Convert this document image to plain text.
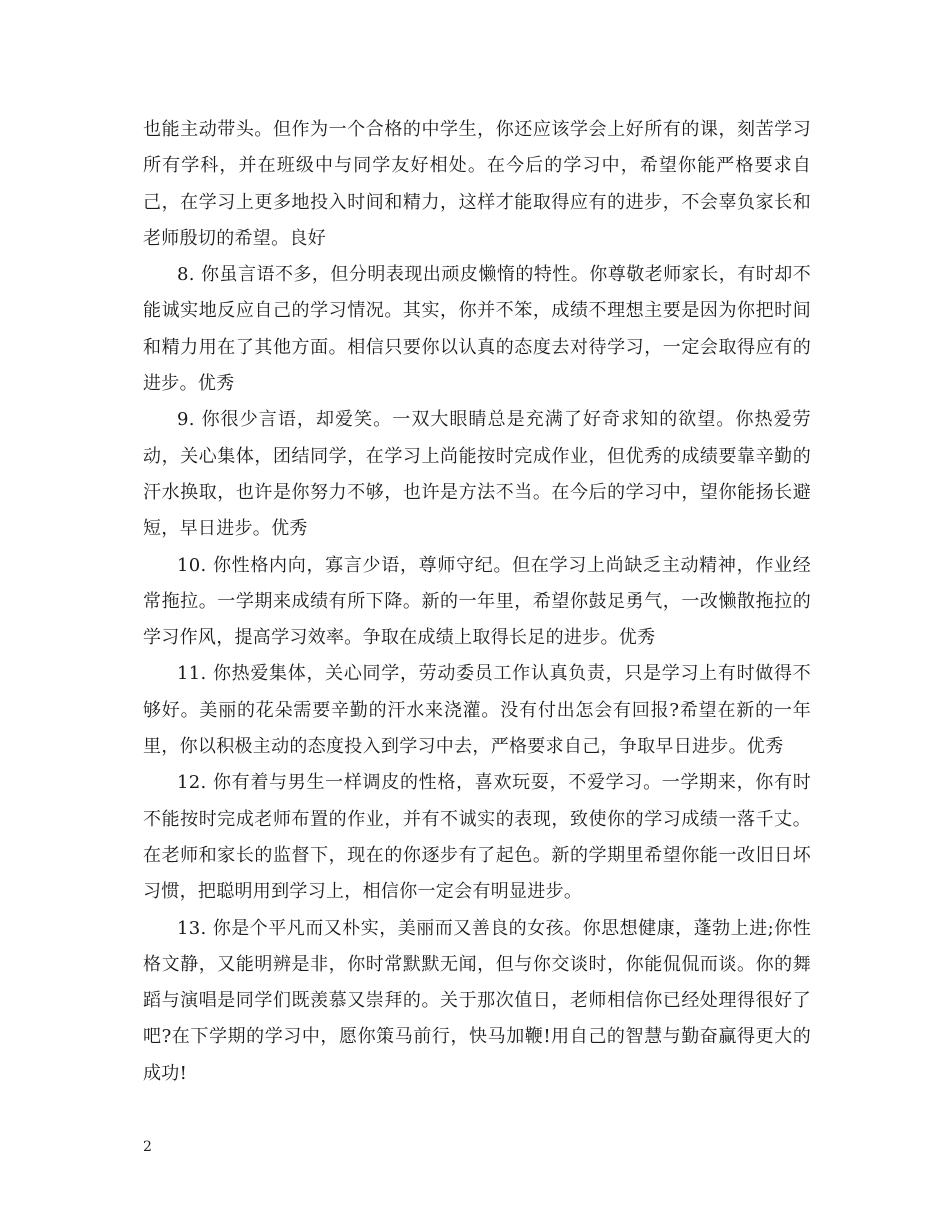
也能主动带头。但作为一个合格的中学生，你还应该学会上好所有的课，刻苦学习所有学科，并在班级中与同学友好相处。在今后的学习中，希望你能严格要求自己，在学习上更多地投入时间和精力，这样才能取得应有的进步，不会辜负家长和老师殷切的希望。良好

8. 你虽言语不多，但分明表现出顽皮懒惰的特性。你尊敬老师家长，有时却不能诚实地反应自己的学习情况。其实，你并不笨，成绩不理想主要是因为你把时间和精力用在了其他方面。相信只要你以认真的态度去对待学习，一定会取得应有的进步。优秀

9. 你很少言语，却爱笑。一双大眼睛总是充满了好奇求知的欲望。你热爱劳动，关心集体，团结同学，在学习上尚能按时完成作业，但优秀的成绩要靠辛勤的汗水换取，也许是你努力不够，也许是方法不当。在今后的学习中，望你能扬长避短，早日进步。优秀

10. 你性格内向，寡言少语，尊师守纪。但在学习上尚缺乏主动精神，作业经常拖拉。一学期来成绩有所下降。新的一年里，希望你鼓足勇气，一改懒散拖拉的学习作风，提高学习效率。争取在成绩上取得长足的进步。优秀

11. 你热爱集体，关心同学，劳动委员工作认真负责，只是学习上有时做得不够好。美丽的花朵需要辛勤的汗水来浇灌。没有付出怎会有回报?希望在新的一年里，你以积极主动的态度投入到学习中去，严格要求自己，争取早日进步。优秀

12. 你有着与男生一样调皮的性格，喜欢玩耍，不爱学习。一学期来，你有时不能按时完成老师布置的作业，并有不诚实的表现，致使你的学习成绩一落千丈。在老师和家长的监督下，现在的你逐步有了起色。新的学期里希望你能一改旧日坏习惯，把聪明用到学习上，相信你一定会有明显进步。

13. 你是个平凡而又朴实，美丽而又善良的女孩。你思想健康，蓬勃上进;你性格文静，又能明辨是非，你时常默默无闻，但与你交谈时，你能侃侃而谈。你的舞蹈与演唱是同学们既羡慕又崇拜的。关于那次值日，老师相信你已经处理得很好了吧?在下学期的学习中，愿你策马前行，快马加鞭!用自己的智慧与勤奋赢得更大的成功!

2
